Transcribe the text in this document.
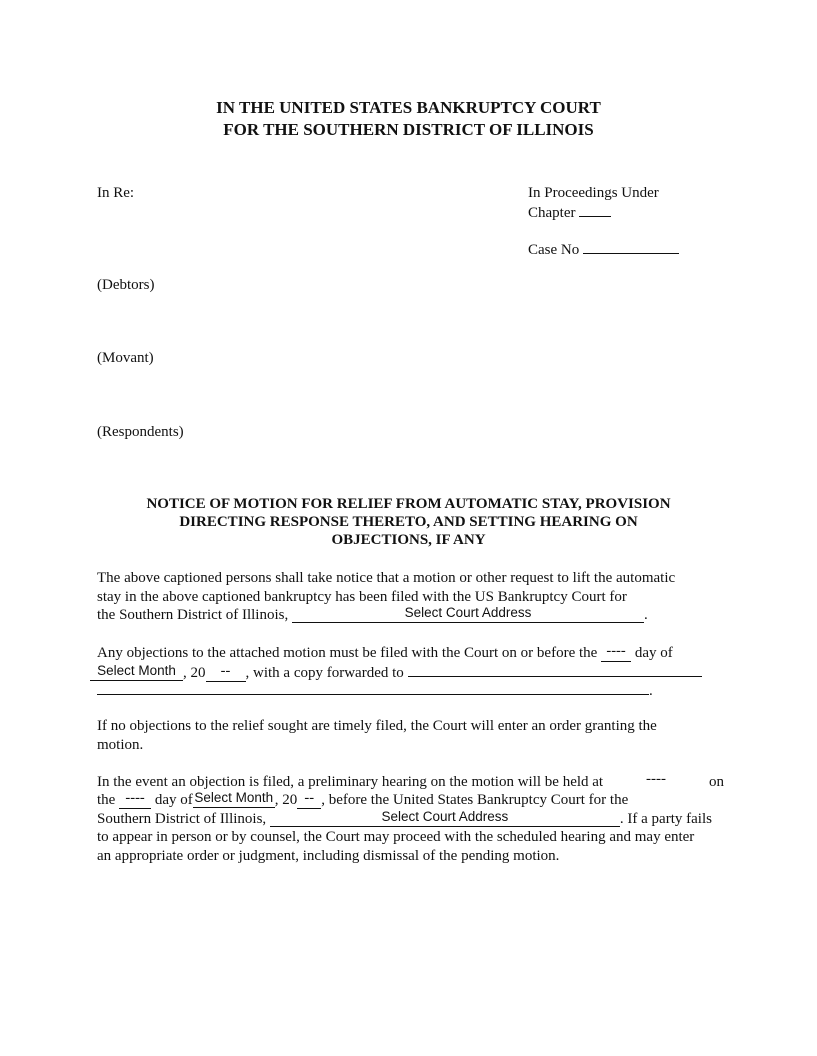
IN THE UNITED STATES BANKRUPTCY COURT
FOR THE SOUTHERN DISTRICT OF ILLINOIS
In Re:	In Proceedings Under
Chapter
Case No
(Debtors)
(Movant)
(Respondents)
NOTICE OF MOTION FOR RELIEF FROM AUTOMATIC STAY, PROVISION
DIRECTING RESPONSE THERETO, AND SETTING HEARING ON
OBJECTIONS, IF ANY
The above captioned persons shall take notice that a motion or other request to lift the automatic
stay in the above captioned bankruptcy has been filed with the US Bankruptcy Court for
the Southern District of Illinois,	Select Court Address	.
Any objections to the attached motion must be filed with the Court on or before the ---- day of
Select Month , 20 -- , with a copy forwarded to
.
If no objections to the relief sought are timely filed, the Court will enter an order granting the
motion.
In the event an objection is filed, a preliminary hearing on the motion will be held at	----	on
the ---- day of Select Month , 20 -- , before the United States Bankruptcy Court for the
Southern District of Illinois,	Select Court Address	. If a party fails
to appear in person or by counsel, the Court may proceed with the scheduled hearing and may enter
an appropriate order or judgment, including dismissal of the pending motion.
